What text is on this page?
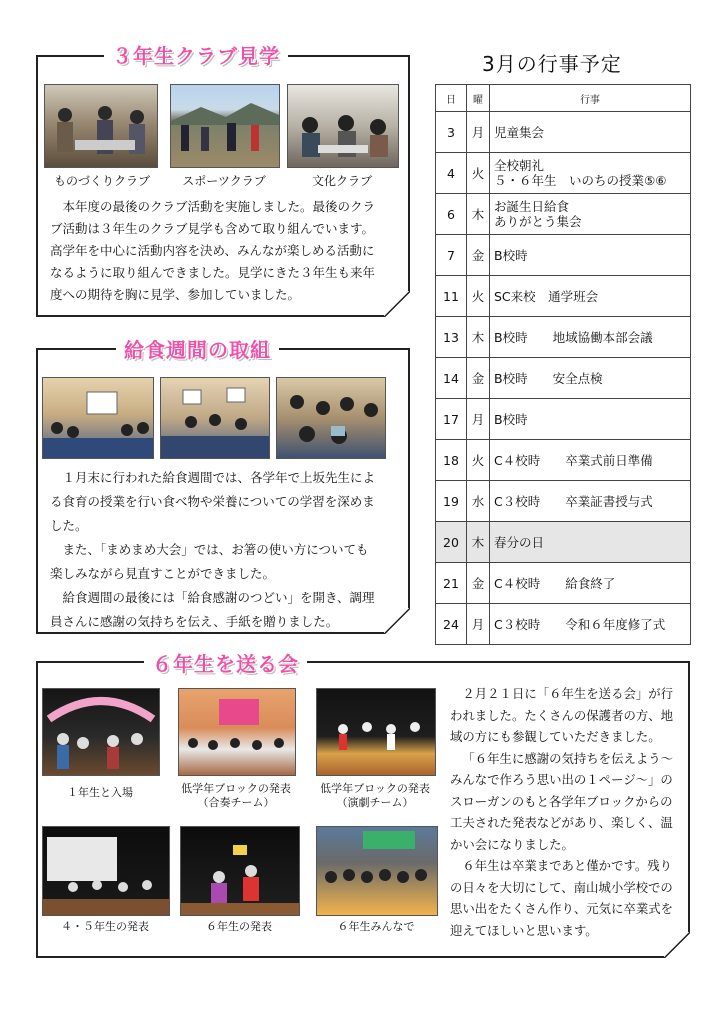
３年生クラブ見学
ものづくりクラブ	スポーツクラブ	文化クラブ

本年度の最後のクラブ活動を実施しました。最後のクラブ活動は３年生のクラブ見学も含めて取り組んでいます。高学年を中心に活動内容を決め、みんなが楽しめる活動になるように取り組んできました。見学にきた３年生も来年度への期待を胸に見学、参加していました。

給食週間の取組

１月末に行われた給食週間では、各学年で上坂先生による食育の授業を行い食べ物や栄養についての学習を深めました。

また、「まめまめ大会」では、お箸の使い方についても楽しみながら見直すことができました。

給食週間の最後には「給食感謝のつどい」を開き、調理員さんに感謝の気持ちを伝え、手紙を贈りました。

６年生を送る会
１年生と入場	低学年ブロックの発表
（合奏チーム）
低学年ブロックの発表
（演劇チーム）
４・５年生の発表	６年生の発表	６年生みんなで

２月２１日に「６年生を送る会」が行われました。たくさんの保護者の方、地域の方にも参観していただきました。

「６年生に感謝の気持ちを伝えよう〜みんなで作ろう思い出の１ページ〜」のスローガンのもと各学年ブロックからの工夫された発表などがあり、楽しく、温かい会になりました。

６年生は卒業まであと僅かです。残りの日々を大切にして、南山城小学校での思い出をたくさん作り、元気に卒業式を迎えてほしいと思います。

3月の行事予定
日	曜	行事
3	月	児童集会
4	火	全校朝礼
５・６年生　いのちの授業⑤⑥
6	木	お誕生日給食
ありがとう集会
7	金	B校時
11	火	SC来校　通学班会
13	木	B校時　　地域協働本部会議
14	金	B校時　　安全点検
17	月	B校時
18	火	C４校時　　卒業式前日準備
19	水	C３校時　　卒業証書授与式
20	木	春分の日
21	金	C４校時　　給食終了
24	月	C３校時　　令和６年度修了式
